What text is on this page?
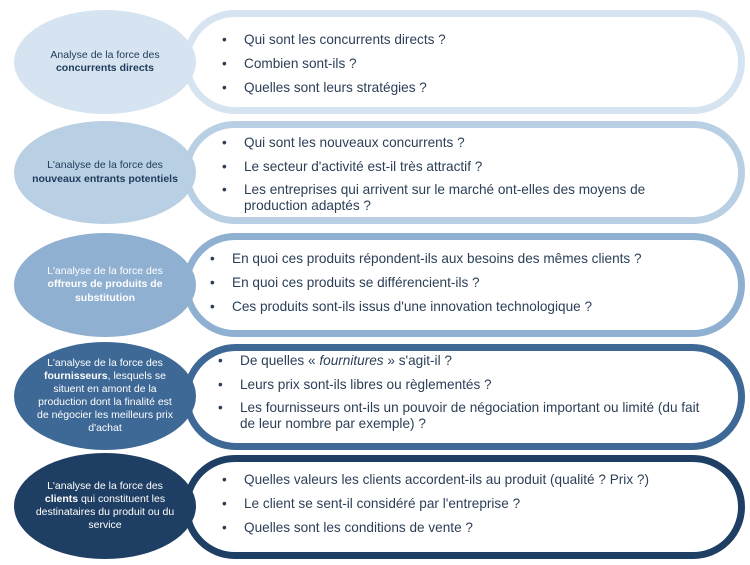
Analyse de la force des concurrents directs
• Qui sont les concurrents directs ?
• Combien sont-ils ?
• Quelles sont leurs stratégies ?
L'analyse de la force des nouveaux entrants potentiels
• Qui sont les nouveaux concurrents ?
• Le secteur d'activité est-il très attractif ?
• Les entreprises qui arrivent sur le marché ont-elles des moyens de production adaptés ?
L'analyse de la force des offreurs de produits de substitution
• En quoi ces produits répondent-ils aux besoins des mêmes clients ?
• En quoi ces produits se différencient-ils ?
• Ces produits sont-ils issus d'une innovation technologique ?
L'analyse de la force des fournisseurs, lesquels se situent en amont de la production dont la finalité est de négocier les meilleurs prix d'achat
• De quelles « fournitures » s'agit-il ?
• Leurs prix sont-ils libres ou règlementés ?
• Les fournisseurs ont-ils un pouvoir de négociation important ou limité (du fait de leur nombre par exemple) ?
L'analyse de la force des clients qui constituent les destinataires du produit ou du service
• Quelles valeurs les clients accordent-ils au produit (qualité ? Prix ?)
• Le client se sent-il considéré par l'entreprise ?
• Quelles sont les conditions de vente ?
